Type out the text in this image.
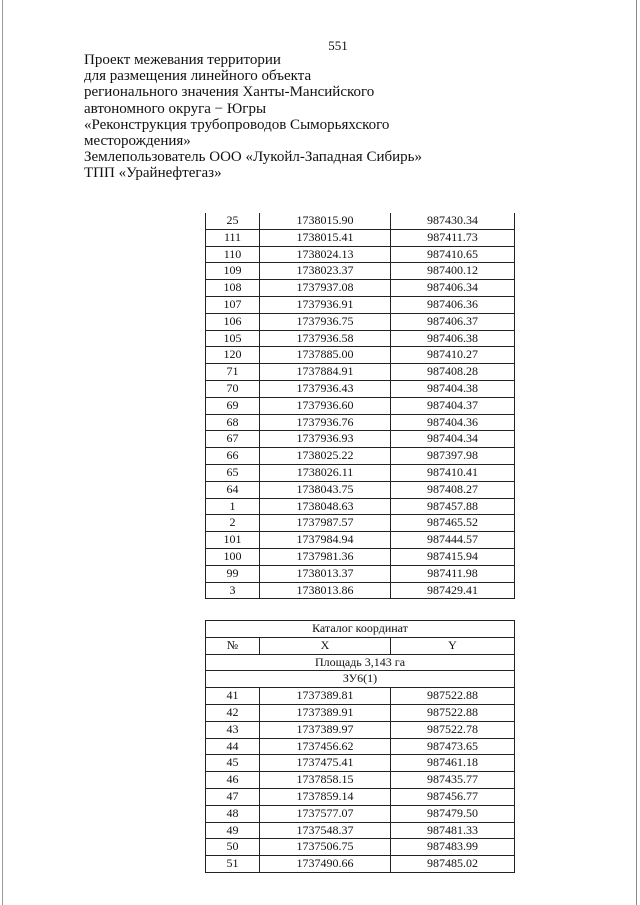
551
Проект межевания территории
для размещения линейного объекта
регионального значения Ханты-Мансийского
автономного округа − Югры
«Реконструкция трубопроводов Сыморьяхского
месторождения»
Землепользователь ООО «Лукойл-Западная Сибирь»
ТПП «Урайнефтегаз»
25	1738015.90	987430.34
111	1738015.41	987411.73
110	1738024.13	987410.65
109	1738023.37	987400.12
108	1737937.08	987406.34
107	1737936.91	987406.36
106	1737936.75	987406.37
105	1737936.58	987406.38
120	1737885.00	987410.27
71	1737884.91	987408.28
70	1737936.43	987404.38
69	1737936.60	987404.37
68	1737936.76	987404.36
67	1737936.93	987404.34
66	1738025.22	987397.98
65	1738026.11	987410.41
64	1738043.75	987408.27
1	1738048.63	987457.88
2	1737987.57	987465.52
101	1737984.94	987444.57
100	1737981.36	987415.94
99	1738013.37	987411.98
3	1738013.86	987429.41
Каталог координат		
№	X	Y
Площадь 3,143 га		
ЗУ6(1)		
41	1737389.81	987522.88
42	1737389.91	987522.88
43	1737389.97	987522.78
44	1737456.62	987473.65
45	1737475.41	987461.18
46	1737858.15	987435.77
47	1737859.14	987456.77
48	1737577.07	987479.50
49	1737548.37	987481.33
50	1737506.75	987483.99
51	1737490.66	987485.02
